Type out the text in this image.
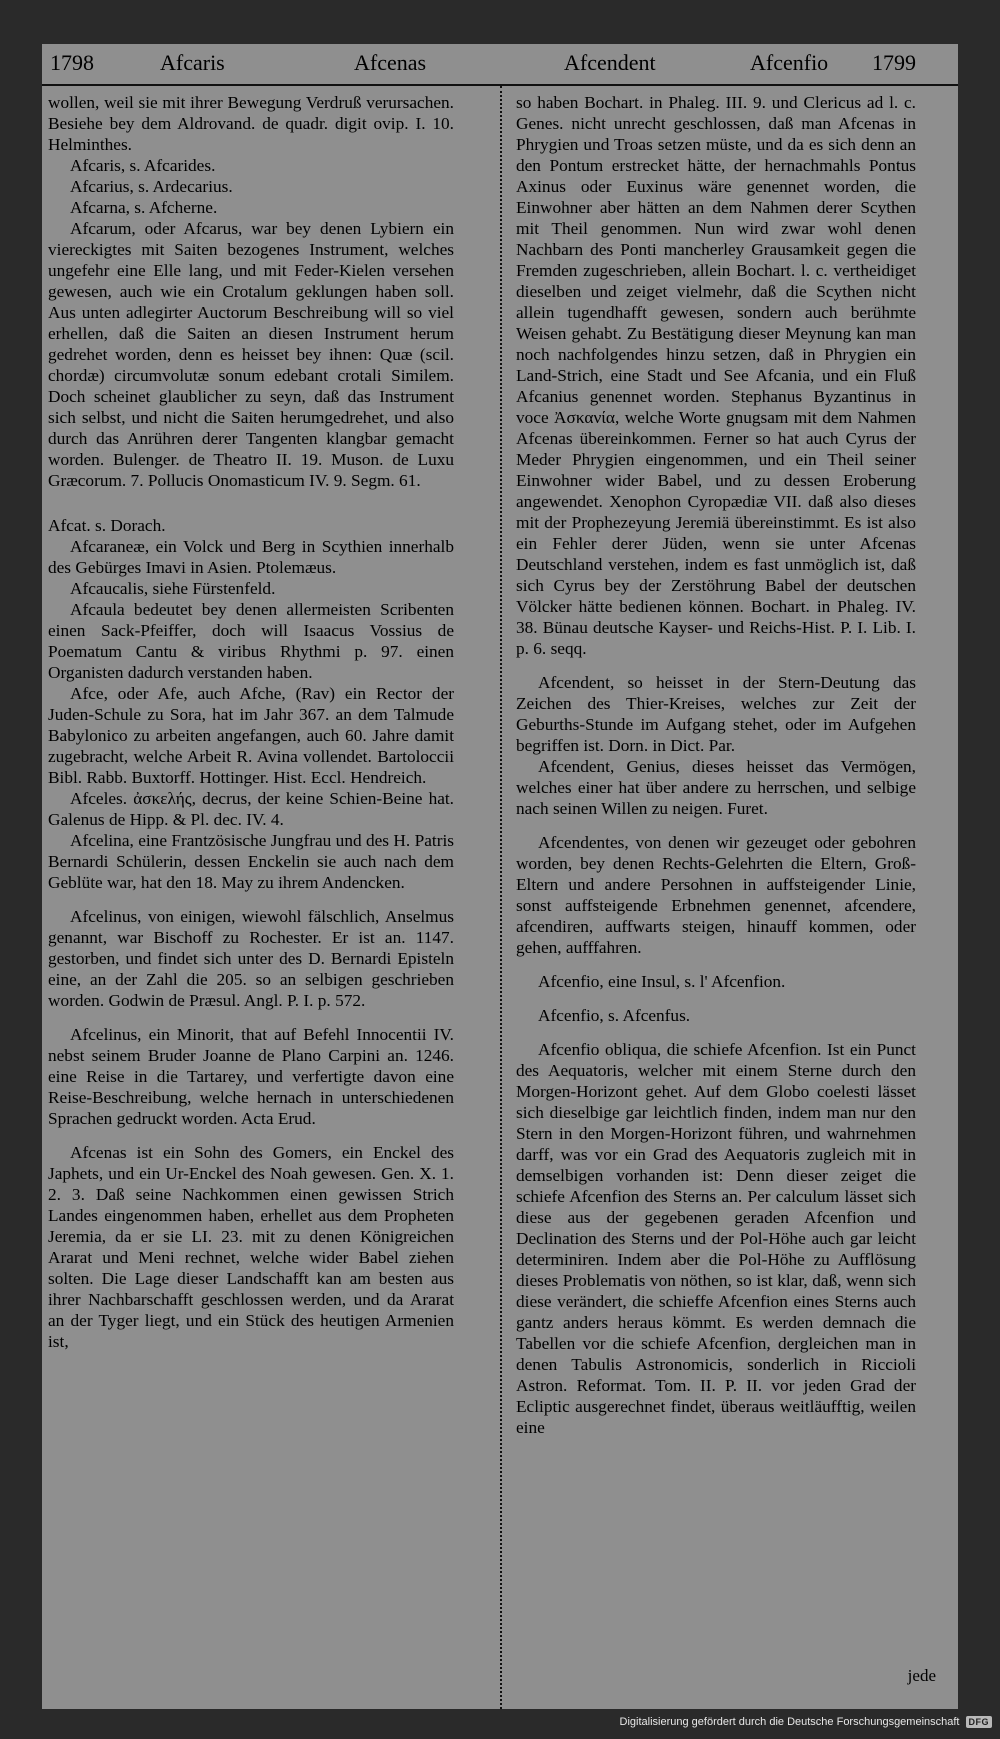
1798	Afcaris	Afcenas	Afcendent	Afcenfio 1799

wollen, weil sie mit ihrer Bewegung Verdruß verursachen. Besiehe bey dem Aldrovand. de quadr. digit ovip. I. 10. Helminthes.

Afcaris, s. Afcarides.

Afcarius, s. Ardecarius.

Afcarna, s. Afcherne.

Afcarum, oder Afcarus, war bey denen Lybiern ein viereckigtes mit Saiten bezogenes Instrument, welches ungefehr eine Elle lang, und mit Feder-Kielen versehen gewesen, auch wie ein Crotalum geklungen haben soll. Aus unten adlegirter Auctorum Beschreibung will so viel erhellen, daß die Saiten an diesen Instrument herum gedrehet worden, denn es heisset bey ihnen: Quæ (scil. chordæ) circumvolutæ sonum edebant crotali Similem. Doch scheinet glaublicher zu seyn, daß das Instrument sich selbst, und nicht die Saiten herumgedrehet, und also durch das Anrühren derer Tangenten klangbar gemacht worden. Bulenger. de Theatro II. 19. Muson. de Luxu Græcorum. 7. Pollucis Onomasticum IV. 9. Segm. 61.

Afcat. s. Dorach.

Afcaraneæ, ein Volck und Berg in Scythien innerhalb des Gebürges Imavi in Asien. Ptolemæus.

Afcaucalis, siehe Fürstenfeld.

Afcaula bedeutet bey denen allermeisten Scribenten einen Sack-Pfeiffer, doch will Isaacus Vossius de Poematum Cantu & viribus Rhythmi p. 97. einen Organisten dadurch verstanden haben.

Afce, oder Afe, auch Afche, (Rav) ein Rector der Juden-Schule zu Sora, hat im Jahr 367. an dem Talmude Babylonico zu arbeiten angefangen, auch 60. Jahre damit zugebracht, welche Arbeit R. Avina vollendet. Bartoloccii Bibl. Rabb. Buxtorff. Hottinger. Hist. Eccl. Hendreich.

Afceles. ἀσκελής, decrus, der keine Schien-Beine hat. Galenus de Hipp. & Pl. dec. IV. 4.

Afcelina, eine Frantzösische Jungfrau und des H. Patris Bernardi Schülerin, dessen Enckelin sie auch nach dem Geblüte war, hat den 18. May zu ihrem Andencken.

Afcelinus, von einigen, wiewohl fälschlich, Anselmus genannt, war Bischoff zu Rochester. Er ist an. 1147. gestorben, und findet sich unter des D. Bernardi Episteln eine, an der Zahl die 205. so an selbigen geschrieben worden. Godwin de Præsul. Angl. P. I. p. 572.

Afcelinus, ein Minorit, that auf Befehl Innocentii IV. nebst seinem Bruder Joanne de Plano Carpini an. 1246. eine Reise in die Tartarey, und verfertigte davon eine Reise-Beschreibung, welche hernach in unterschiedenen Sprachen gedruckt worden. Acta Erud.

Afcenas ist ein Sohn des Gomers, ein Enckel des Japhets, und ein Ur-Enckel des Noah gewesen. Gen. X. 1. 2. 3. Daß seine Nachkommen einen gewissen Strich Landes eingenommen haben, erhellet aus dem Propheten Jeremia, da er sie LI. 23. mit zu denen Königreichen Ararat und Meni rechnet, welche wider Babel ziehen solten. Die Lage dieser Landschafft kan am besten aus ihrer Nachbarschafft geschlossen werden, und da Ararat an der Tyger liegt, und ein Stück des heutigen Armenien ist,

so haben Bochart. in Phaleg. III. 9. und Clericus ad l. c. Genes. nicht unrecht geschlossen, daß man Afcenas in Phrygien und Troas setzen müste, und da es sich denn an den Pontum erstrecket hätte, der hernachmahls Pontus Axinus oder Euxinus wäre genennet worden, die Einwohner aber hätten an dem Nahmen derer Scythen mit Theil genommen. Nun wird zwar wohl denen Nachbarn des Ponti mancherley Grausamkeit gegen die Fremden zugeschrieben, allein Bochart. l. c. vertheidiget dieselben und zeiget vielmehr, daß die Scythen nicht allein tugendhafft gewesen, sondern auch berühmte Weisen gehabt. Zu Bestätigung dieser Meynung kan man noch nachfolgendes hinzu setzen, daß in Phrygien ein Land-Strich, eine Stadt und See Afcania, und ein Fluß Afcanius genennet worden. Stephanus Byzantinus in voce Ἀσκανία, welche Worte gnugsam mit dem Nahmen Afcenas übereinkommen. Ferner so hat auch Cyrus der Meder Phrygien eingenommen, und ein Theil seiner Einwohner wider Babel, und zu dessen Eroberung angewendet. Xenophon Cyropædiæ VII. daß also dieses mit der Prophezeyung Jeremiä übereinstimmt. Es ist also ein Fehler derer Jüden, wenn sie unter Afcenas Deutschland verstehen, indem es fast unmöglich ist, daß sich Cyrus bey der Zerstöhrung Babel der deutschen Völcker hätte bedienen können. Bochart. in Phaleg. IV. 38. Bünau deutsche Kayser- und Reichs-Hist. P. I. Lib. I. p. 6. seqq.

Afcendent, so heisset in der Stern-Deutung das Zeichen des Thier-Kreises, welches zur Zeit der Geburths-Stunde im Aufgang stehet, oder im Aufgehen begriffen ist. Dorn. in Dict. Par.

Afcendent, Genius, dieses heisset das Vermögen, welches einer hat über andere zu herrschen, und selbige nach seinen Willen zu neigen. Furet.

Afcendentes, von denen wir gezeuget oder gebohren worden, bey denen Rechts-Gelehrten die Eltern, Groß-Eltern und andere Persohnen in auffsteigender Linie, sonst auffsteigende Erbnehmen genennet, afcendere, afcendiren, auffwarts steigen, hinauff kommen, oder gehen, aufffahren.

Afcenfio, eine Insul, s. l' Afcenfion.

Afcenfio, s. Afcenfus.

Afcenfio obliqua, die schiefe Afcenfion. Ist ein Punct des Aequatoris, welcher mit einem Sterne durch den Morgen-Horizont gehet. Auf dem Globo coelesti lässet sich dieselbige gar leichtlich finden, indem man nur den Stern in den Morgen-Horizont führen, und wahrnehmen darff, was vor ein Grad des Aequatoris zugleich mit in demselbigen vorhanden ist: Denn dieser zeiget die schiefe Afcenfion des Sterns an. Per calculum lässet sich diese aus der gegebenen geraden Afcenfion und Declination des Sterns und der Pol-Höhe auch gar leicht determiniren. Indem aber die Pol-Höhe zu Aufflösung dieses Problematis von nöthen, so ist klar, daß, wenn sich diese verändert, die schieffe Afcenfion eines Sterns auch gantz anders heraus kömmt. Es werden demnach die Tabellen vor die schiefe Afcenfion, dergleichen man in denen Tabulis Astronomicis, sonderlich in Riccioli Astron. Reformat. Tom. II. P. II. vor jeden Grad der Ecliptic ausgerechnet findet, überaus weitläufftig, weilen eine

jede
Digitalisierung gefördert durch die Deutsche Forschungsgemeinschaft	DFG
